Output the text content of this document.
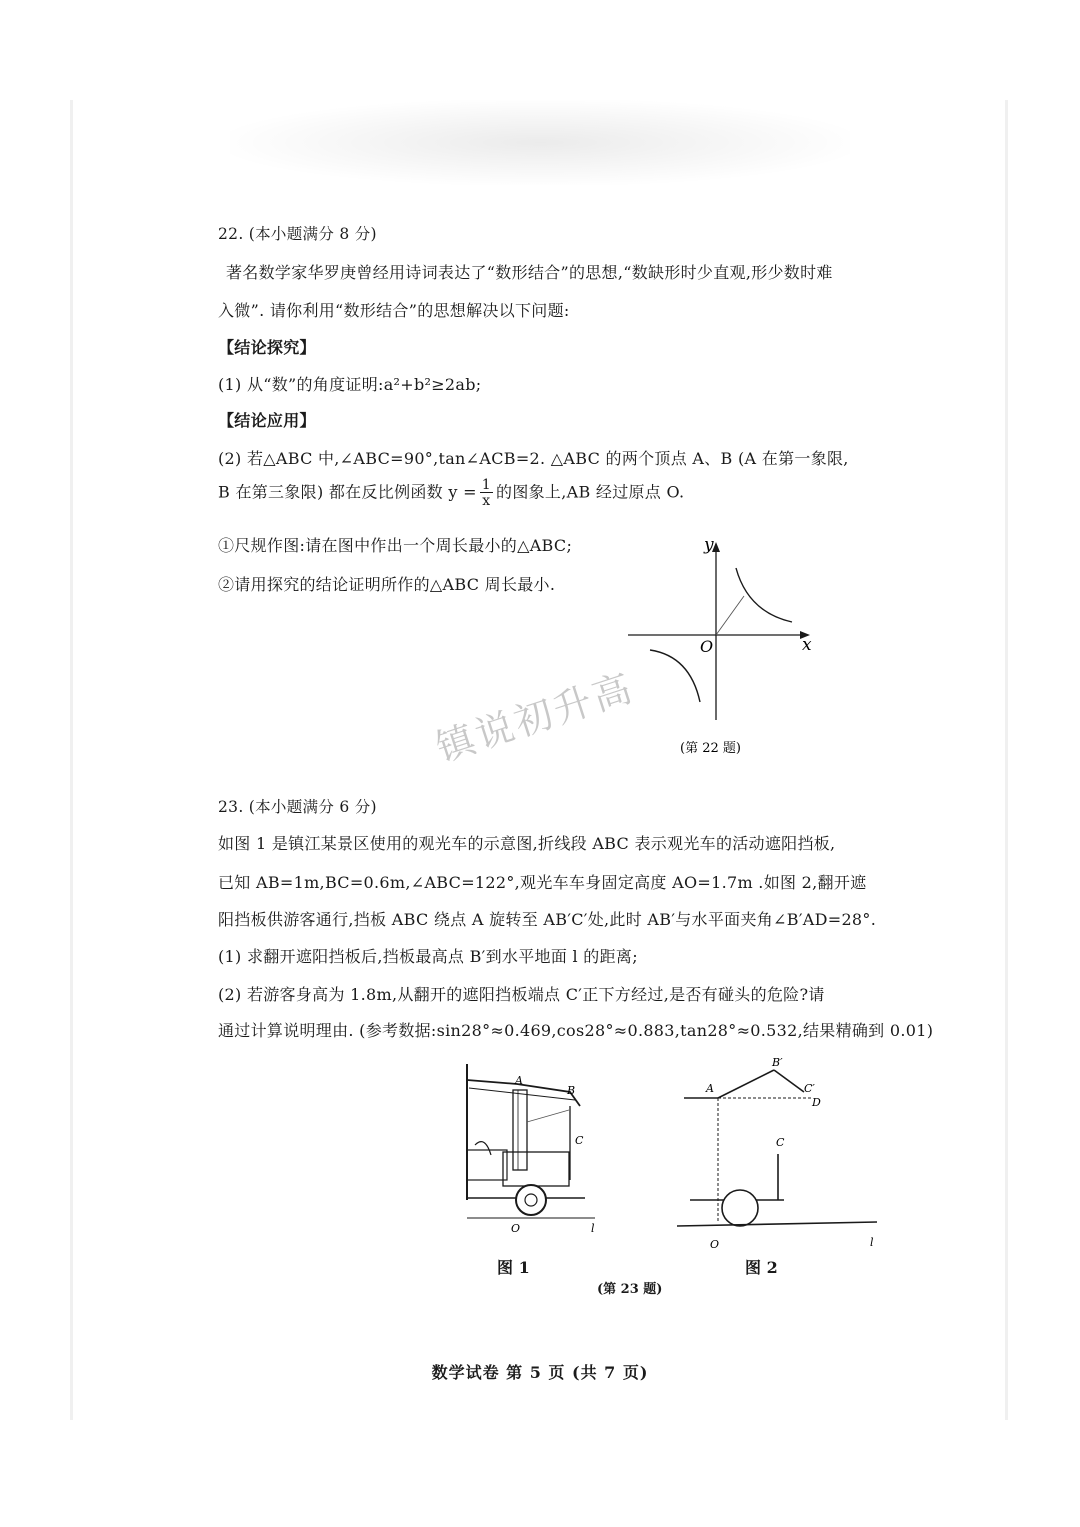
22. (本小题满分 8 分)
著名数学家华罗庚曾经用诗词表达了“数形结合”的思想,“数缺形时少直观,形少数时难
入微”. 请你利用“数形结合”的思想解决以下问题:
【结论探究】
(1) 从“数”的角度证明:a²+b²≥2ab;
【结论应用】
(2) 若△ABC 中,∠ABC=90°,tan∠ACB=2. △ABC 的两个顶点 A、B (A 在第一象限,
B 在第三象限) 都在反比例函数 $y = \frac{1}{x}$ 的图象上,AB 经过原点 O.
①尺规作图:请在图中作出一个周长最小的△ABC;
②请用探究的结论证明所作的△ABC 周长最小.
y
x
O
(第 22 题)
镇说初升高
23. (本小题满分 6 分)
如图 1 是镇江某景区使用的观光车的示意图,折线段 ABC 表示观光车的活动遮阳挡板,
已知 AB=1m,BC=0.6m,∠ABC=122°,观光车车身固定高度 AO=1.7m .如图 2,翻开遮
阳挡板供游客通行,挡板 ABC 绕点 A 旋转至 AB′C′处,此时 AB′与水平面夹角∠B′AD=28°.
(1) 求翻开遮阳挡板后,挡板最高点 B′到水平地面 l 的距离;
(2) 若游客身高为 1.8m,从翻开的遮阳挡板端点 C′正下方经过,是否有碰头的危险?请
通过计算说明理由. (参考数据:sin28°≈0.469,cos28°≈0.883,tan28°≈0.532,结果精确到 0.01)
A
B
C
O	l
图 1
A
B′
C′
D
C
O	l
图 2
(第 23 题)
数学试卷 第 5 页 (共 7 页)
